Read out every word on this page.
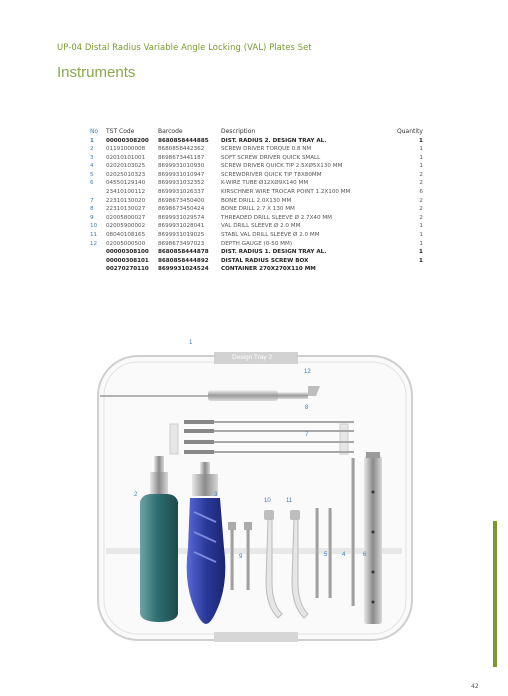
UP-04 Distal Radius Variable Angle Locking (VAL) Plates Set
Instruments
No	TST Code	Barcode	Description	Quantity
1	00000308200	8680858444885	DIST. RADIUS 2. DESIGN TRAY AL.	1
2	01191000008	8680858442362	SCREW DRIVER TORQUE 0.8 NM	1
3	02010101001	8698673441187	SOFT SCREW DRIVER QUICK SMALL	1
4	02020103025	8699931010930	SCREW DRIVER QUICK TIP 2.5XØ5X130 MM	1
5	02025010323	8699931010947	SCREWDRIVER QUICK TIP T8X80MM	2
6	04550129140	8699931032352	K-WIRE TUBE Ø12XØ9X140 MM	2
	23410100112	8699931026337	KIRSCHNER WIRE TROCAR POINT 1.2X100 MM	6
7	22310130020	8698673450400	BONE DRILL 2.0X130 MM	2
8	22310130027	8698673450424	BONE DRILL 2.7 X 130 MM	2
9	02005800027	8699931029574	THREADED DRILL SLEEVE Ø 2.7X40 MM	2
10	02005900002	8699931028041	VAL DRILL SLEEVE Ø 2.0 MM	1
11	08040108165	8699931019025	STABL VAL DRILL SLEEVE Ø 2.0 MM	1
12	02005000500	8698673497023	DEPTH GAUGE (0-50 MM)	1
	00000308100	8680858444878	DIST. RADIUS 1. DESIGN TRAY AL.	1
	00000308101	8680858444892	DISTAL RADIUS SCREW BOX	1
	00270270110	8699931024524	CONTAINER 270X270X110 MM	
Design Tray 2
1
2	3
4
5	6
7
8
9
10	11
12
42
